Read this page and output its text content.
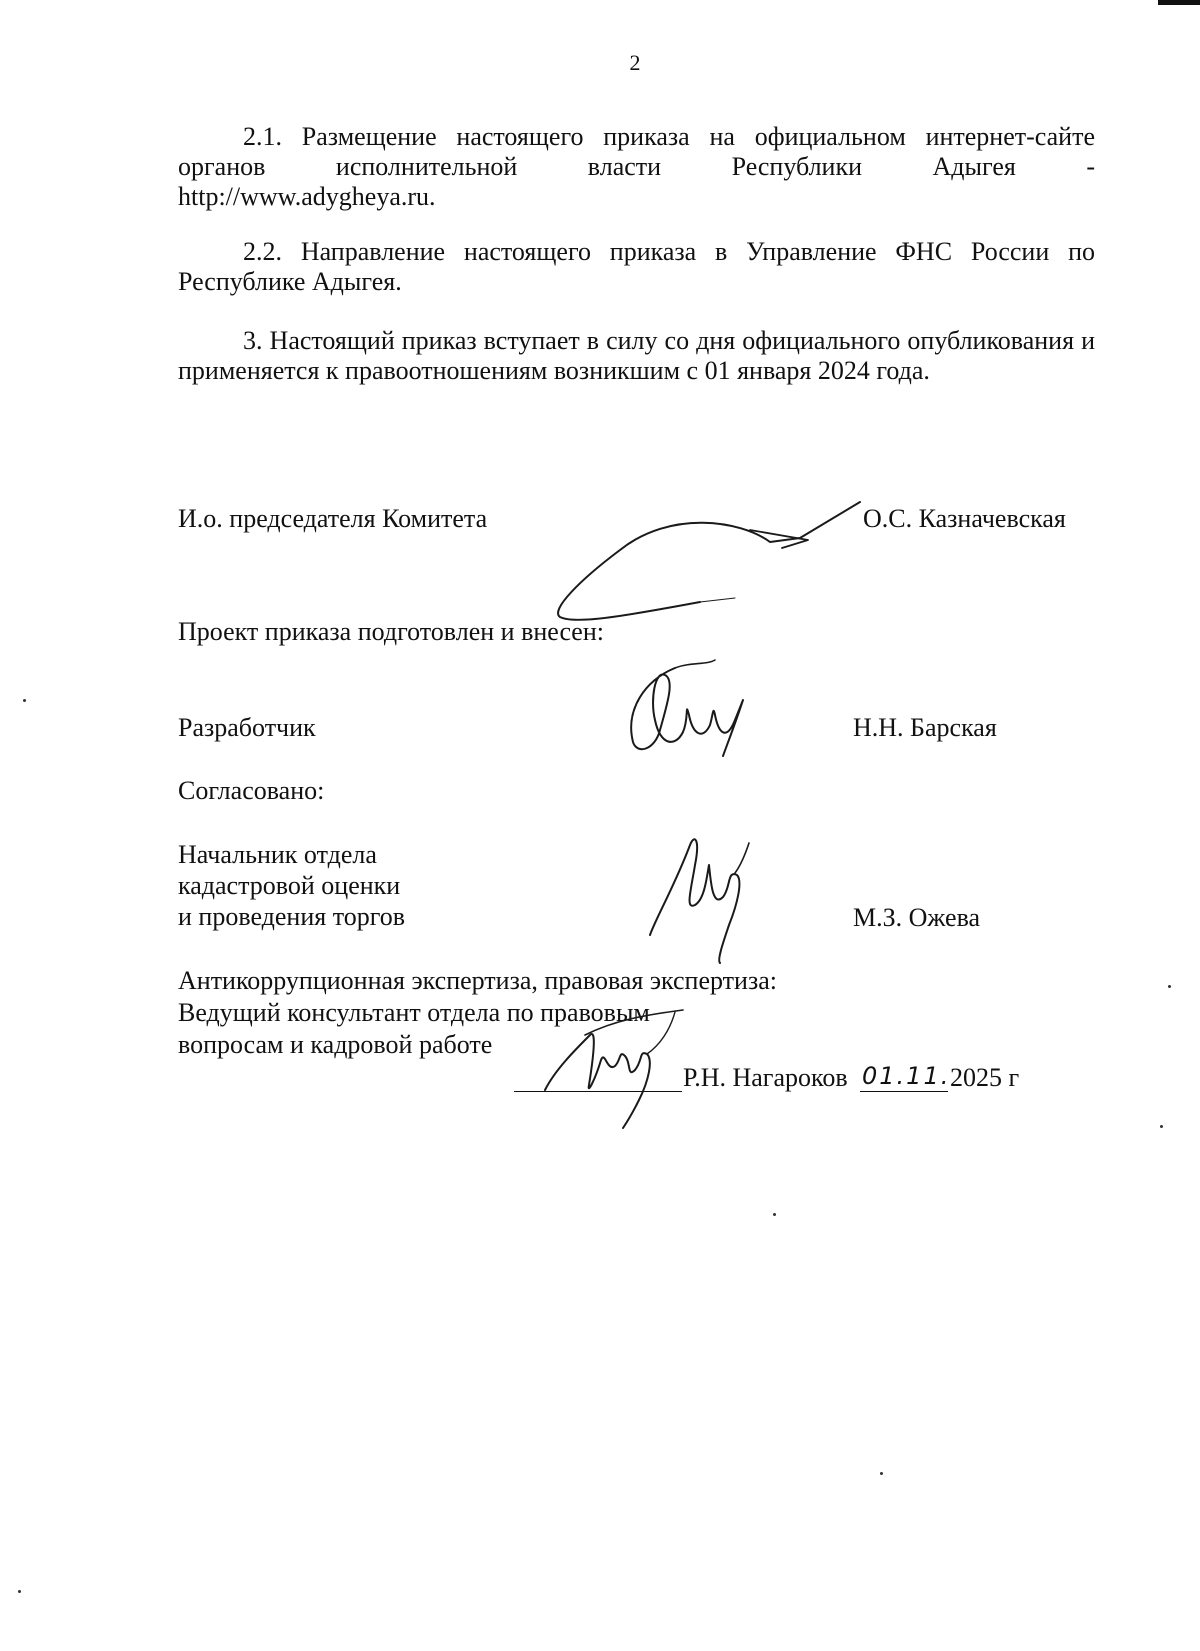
2
2.1. Размещение настоящего приказа на официальном интернет-сайте
органов исполнительной власти Республики Адыгея -
http://www.adygheya.ru.
2.2. Направление настоящего приказа в Управление ФНС России по Республике Адыгея.
3. Настоящий приказ вступает в силу со дня официального опубликования и применяется к правоотношениям возникшим с 01 января 2024 года.
И.о. председателя Комитета	О.С. Казначевская
Проект приказа подготовлен и внесен:
Разработчик	Н.Н. Барская
Согласовано:
Начальник отдела
кадастровой оценки
и проведения торгов	М.З. Ожева
Антикоррупционная экспертиза, правовая экспертиза:
Ведущий консультант отдела по правовым
вопросам и кадровой работе
Р.Н. Нагароков 01.11. 2025 г
